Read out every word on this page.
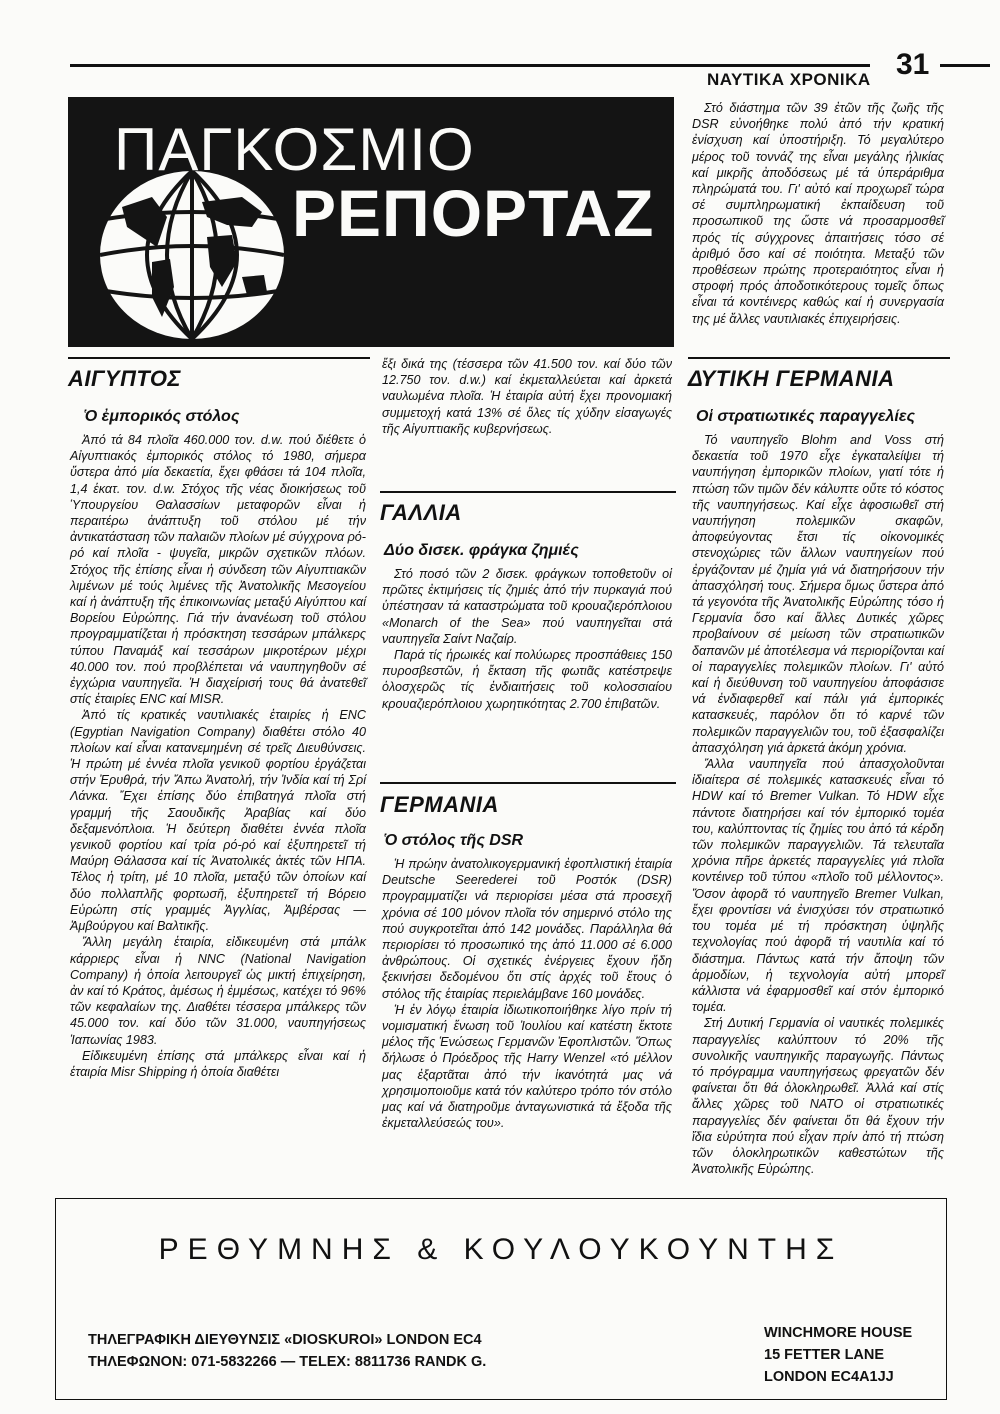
ΝΑΥΤΙΚΑ ΧΡΟΝΙΚΑ 31
ΠΑΓΚΟΣΜΙΟ
ΡΕΠΟΡΤΑΖ

Στό διάστημα τῶν 39 ἐτῶν τῆς ζωῆς τῆς DSR εὐνοήθηκε πολύ ἀπό τήν κρατική ἐνίσχυση καί ὑποστήριξη. Τό μεγαλύτερο μέρος τοῦ τοννάζ της εἶναι μεγάλης ἡλικίας καί μικρῆς ἀποδόσεως μέ τά ὑπεράριθμα πληρώματά του. Γι' αὐτό καί προχωρεῖ τώρα σέ συμπληρωματική ἐκπαίδευση τοῦ προσωπικοῦ της ὥστε νά προσαρμοσθεῖ πρός τίς σύγχρονες ἀπαιτήσεις τόσο σέ ἀριθμό ὅσο καί σέ ποιότητα. Μεταξύ τῶν προθέσεων πρώτης προτεραιότητος εἶναι ἡ στροφή πρός ἀποδοτικότερους τομεῖς ὅπως εἶναι τά κοντέινερς καθώς καί ἡ συνεργασία της μέ ἄλλες ναυτιλιακές ἐπιχειρήσεις.

ΑΙΓΥΠΤΟΣ
Ὁ ἐμπορικός στόλος

Ἀπό τά 84 πλοῖα 460.000 τον. d.w. πού διέθετε ὁ Αἰγυπτιακός ἐμπορικός στόλος τό 1980, σήμερα ὕστερα ἀπό μία δεκαετία, ἔχει φθάσει τά 104 πλοῖα, 1,4 ἑκατ. τον. d.w. Στόχος τῆς νέας διοικήσεως τοῦ Ὑπουργείου Θαλασσίων μεταφορῶν εἶναι ἡ περαιτέρω ἀνάπτυξη τοῦ στόλου μέ τήν ἀντικατάσταση τῶν παλαιῶν πλοίων μέ σύγχρονα ρό-ρό καί πλοῖα - ψυγεῖα, μικρῶν σχετικῶν πλόων. Στόχος τῆς ἐπίσης εἶναι ἡ σύνδεση τῶν Αἰγυπτιακῶν λιμένων μέ τούς λιμένες τῆς Ἀνατολικῆς Μεσογείου καί ἡ ἀνάπτυξη τῆς ἐπικοινωνίας μεταξύ Αἰγύπτου καί Βορείου Εὐρώπης. Γιά τήν ἀνανέωση τοῦ στόλου προγραμματίζεται ἡ πρόσκτηση τεσσάρων μπάλκερς τύπου Παναμάξ καί τεσσάρων μικροτέρων μέχρι 40.000 τον. πού προβλέπεται νά ναυπηγηθοῦν σέ ἐγχώρια ναυπηγεῖα. Ἡ διαχείρισή τους θά ἀνατεθεῖ στίς ἑταιρίες ENC καί MISR.

Ἀπό τίς κρατικές ναυτιλιακές ἑταιρίες ἡ ENC (Egyptian Navigation Company) διαθέτει στόλο 40 πλοίων καί εἶναι κατανεμημένη σέ τρεῖς Διευθύνσεις. Ἡ πρώτη μέ ἐννέα πλοῖα γενικοῦ φορτίου ἐργάζεται στήν Ἐρυθρά, τήν Ἄπω Ἀνατολή, τήν Ἰνδία καί τή Σρί Λάνκα. Ἔχει ἐπίσης δύο ἐπιβατηγά πλοῖα στή γραμμή τῆς Σαουδικῆς Ἀραβίας καί δύο δεξαμενόπλοια. Ἡ δεύτερη διαθέτει ἐννέα πλοῖα γενικοῦ φορτίου καί τρία ρό-ρό καί ἐξυπηρετεῖ τή Μαύρη Θάλασσα καί τίς Ἀνατολικές ἀκτές τῶν ΗΠΑ. Τέλος ἡ τρίτη, μέ 10 πλοῖα, μεταξύ τῶν ὁποίων καί δύο πολλαπλῆς φορτωσῆ, ἐξυπηρετεῖ τή Βόρειο Εὐρώπη στίς γραμμές Ἀγγλίας, Ἀμβέρσας — Ἀμβούργου καί Βαλτικῆς.

Ἄλλη μεγάλη ἑταιρία, εἰδικευμένη στά μπάλκ κάρριερς εἶναι ἡ NNC (National Navigation Company) ἡ ὁποία λειτουργεῖ ὡς μικτή ἐπιχείρηση, ἀν καί τό Κράτος, ἀμέσως ἡ ἐμμέσως, κατέχει τό 96% τῶν κεφαλαίων της. Διαθέτει τέσσερα μπάλκερς τῶν 45.000 τον. καί δύο τῶν 31.000, ναυπηγήσεως Ἰαπωνίας 1983.

Εἰδικευμένη ἐπίσης στά μπάλκερς εἶναι καί ἡ ἑταιρία Misr Shipping ἡ ὁποία διαθέτει

ἔξι δικά της (τέσσερα τῶν 41.500 τον. καί δύο τῶν 12.750 τον. d.w.) καί ἐκμεταλλεύεται καί ἀρκετά ναυλωμένα πλοῖα. Ἡ ἑταιρία αὐτή ἔχει προνομιακή συμμετοχή κατά 13% σέ ὅλες τίς χύδην εἰσαγωγές τῆς Αἰγυπτιακῆς κυβερνήσεως.

ΓΑΛΛΙΑ
Δύο δισεκ. φράγκα ζημιές

Στό ποσό τῶν 2 δισεκ. φράγκων τοποθετοῦν οἱ πρῶτες ἐκτιμήσεις τίς ζημιές ἀπό τήν πυρκαγιά πού ὑπέστησαν τά καταστρώματα τοῦ κρουαζιερόπλοιου «Monarch of the Sea» πού ναυπηγεῖται στά ναυπηγεῖα Σαίντ Ναζαίρ.

Παρά τίς ἡρωικές καί πολύωρες προσπάθειες 150 πυροσβεστῶν, ἡ ἔκταση τῆς φωτιᾶς κατέστρεψε ὁλοσχερῶς τίς ἐνδιαιτήσεις τοῦ κολοσσιαίου κρουαζιερόπλοιου χωρητικότητας 2.700 ἐπιβατῶν.

ΓΕΡΜΑΝΙΑ
Ὁ στόλος τῆς DSR

Ἡ πρώην ἀνατολικογερμανική ἐφοπλιστική ἑταιρία Deutsche Seerederei τοῦ Ροστόκ (DSR) προγραμματίζει νά περιορίσει μέσα στά προσεχῆ χρόνια σέ 100 μόνον πλοῖα τόν σημερινό στόλο της πού συγκροτεῖται ἀπό 142 μονάδες. Παράλληλα θά περιορίσει τό προσωπικό της ἀπό 11.000 σέ 6.000 ἀνθρώπους. Οἱ σχετικές ἐνέργειες ἔχουν ἤδη ξεκινήσει δεδομένου ὅτι στίς ἀρχές τοῦ ἔτους ὁ στόλος τῆς ἑταιρίας περιελάμβανε 160 μονάδες.

Ἡ ἐν λόγῳ ἑταιρία ἰδιωτικοποιήθηκε λίγο πρίν τή νομισματική ἕνωση τοῦ Ἰουλίου καί κατέστη ἔκτοτε μέλος τῆς Ἑνώσεως Γερμανῶν Ἐφοπλιστῶν. Ὅπως δήλωσε ὁ Πρόεδρος τῆς Harry Wenzel «τό μέλλον μας ἐξαρτᾶται ἀπό τήν ἱκανότητά μας νά χρησιμοποιοῦμε κατά τόν καλύτερο τρόπο τόν στόλο μας καί νά διατηροῦμε ἀνταγωνιστικά τά ἔξοδα τῆς ἐκμεταλλεύσεώς του».

ΔΥΤΙΚΗ ΓΕΡΜΑΝΙΑ
Οἱ στρατιωτικές παραγγελίες

Τό ναυπηγεῖο Blohm and Voss στή δεκαετία τοῦ 1970 εἶχε ἐγκαταλείψει τή ναυπήγηση ἐμπορικῶν πλοίων, γιατί τότε ἡ πτώση τῶν τιμῶν δέν κάλυπτε οὔτε τό κόστος τῆς ναυπηγήσεως. Καί εἶχε ἀφοσιωθεῖ στή ναυπήγηση πολεμικῶν σκαφῶν, ἀποφεύγοντας ἔτσι τίς οἰκονομικές στενοχώριες τῶν ἄλλων ναυπηγείων πού ἐργάζονταν μέ ζημία γιά νά διατηρήσουν τήν ἀπασχόλησή τους. Σήμερα ὅμως ὕστερα ἀπό τά γεγονότα τῆς Ἀνατολικῆς Εὐρώπης τόσο ἡ Γερμανία ὅσο καί ἄλλες Δυτικές χῶρες προβαίνουν σέ μείωση τῶν στρατιωτικῶν δαπανῶν μέ ἀποτέλεσμα νά περιορίζονται καί οἱ παραγγελίες πολεμικῶν πλοίων. Γι' αὐτό καί ἡ διεύθυνση τοῦ ναυπηγείου ἀποφάσισε νά ἐνδιαφερθεῖ καί πάλι γιά ἐμπορικές κατασκευές, παρόλον ὅτι τό καρνέ τῶν πολεμικῶν παραγγελιῶν του, τοῦ ἐξασφαλίζει ἀπασχόληση γιά ἀρκετά ἀκόμη χρόνια.

Ἄλλα ναυπηγεῖα πού ἀπασχολοῦνται ἰδιαίτερα σέ πολεμικές κατασκευές εἶναι τό HDW καί τό Bremer Vulkan. Τό HDW εἶχε πάντοτε διατηρήσει καί τόν ἐμπορικό τομέα του, καλύπτοντας τίς ζημίες του ἀπό τά κέρδη τῶν πολεμικῶν παραγγελιῶν. Τά τελευταῖα χρόνια πῆρε ἀρκετές παραγγελίες γιά πλοῖα κοντέινερ τοῦ τύπου «πλοῖο τοῦ μέλλοντος». Ὅσον ἀφορᾶ τό ναυπηγεῖο Bremer Vulkan, ἔχει φροντίσει νά ἐνισχύσει τόν στρατιωτικό του τομέα μέ τή πρόσκτηση ὑψηλῆς τεχνολογίας πού ἀφορᾶ τή ναυτιλία καί τό διάστημα. Πάντως κατά τήν ἄποψη τῶν ἁρμοδίων, ἡ τεχνολογία αὐτή μπορεῖ κάλλιστα νά ἐφαρμοσθεῖ καί στόν ἐμπορικό τομέα.

Στή Δυτική Γερμανία οἱ ναυτικές πολεμικές παραγγελίες καλύπτουν τό 20% τῆς συνολικῆς ναυπηγικῆς παραγωγῆς. Πάντως τό πρόγραμμα ναυπηγήσεως φρεγατῶν δέν φαίνεται ὅτι θά ὁλοκληρωθεῖ. Ἀλλά καί στίς ἄλλες χῶρες τοῦ ΝΑΤΟ οἱ στρατιωτικές παραγγελίες δέν φαίνεται ὅτι θά ἔχουν τήν ἴδια εὐρύτητα πού εἶχαν πρίν ἀπό τή πτώση τῶν ὁλοκληρωτικῶν καθεστώτων τῆς Ἀνατολικῆς Εὐρώπης.

ΡΕΘΥΜΝΗΣ & ΚΟΥΛΟΥΚΟΥΝΤΗΣ
ΤΗΛΕΓΡΑΦΙΚΗ ΔΙΕΥΘΥΝΣΙΣ «DIOSKUROI» LONDON EC4
ΤΗΛΕΦΩΝΟΝ: 071-5832266 — TELEX: 8811736 RANDK G.
WINCHMORE HOUSE
15 FETTER LANE
LONDON EC4A1JJ
